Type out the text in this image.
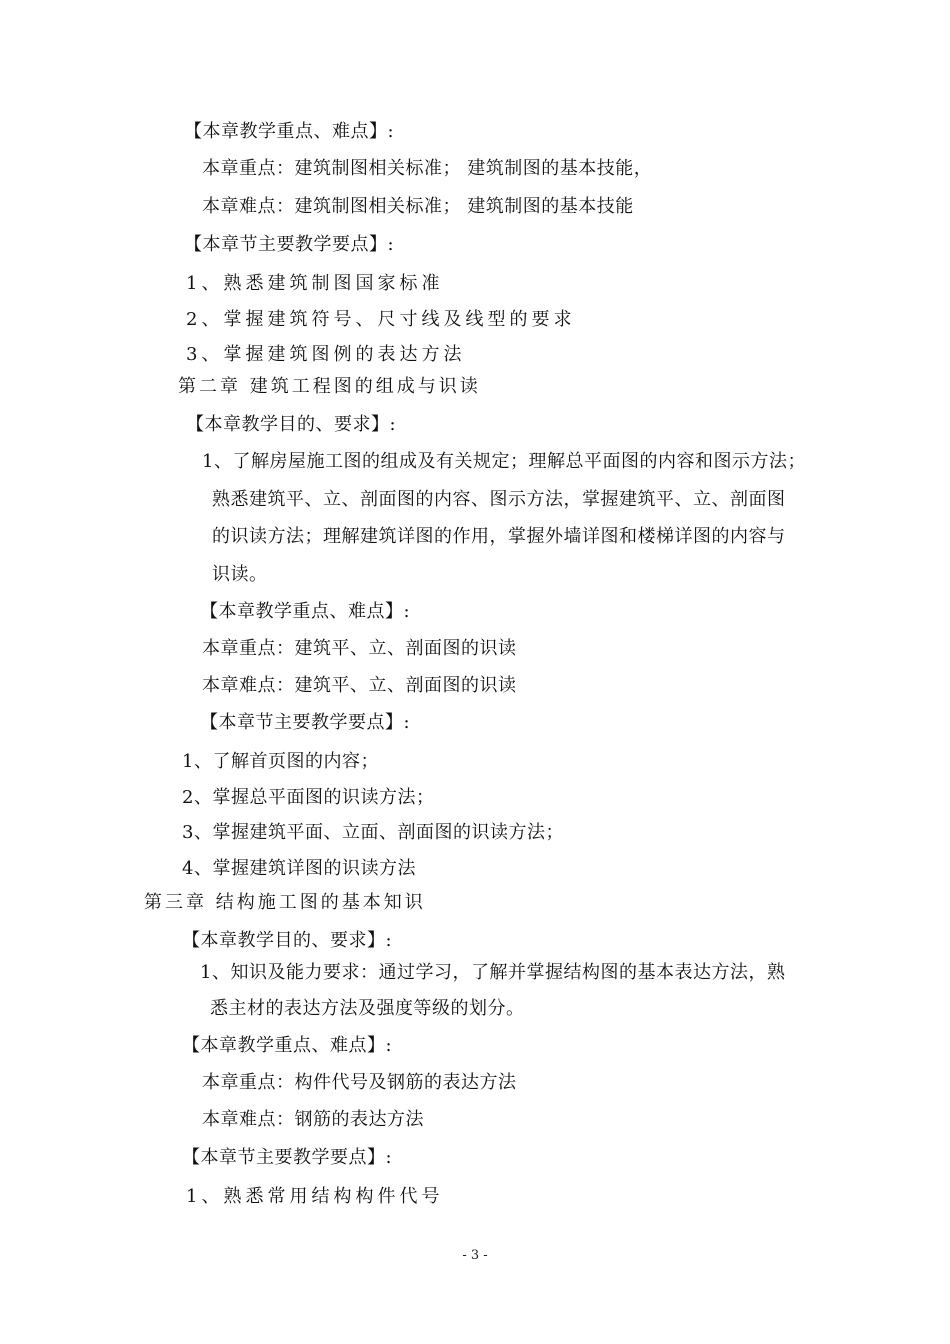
【本章教学重点、难点】:
本章重点：建筑制图相关标准； 建筑制图的基本技能，
本章难点：建筑制图相关标准； 建筑制图的基本技能
【本章节主要教学要点】:
1、熟悉建筑制图国家标准
2、掌握建筑符号、尺寸线及线型的要求
3、掌握建筑图例的表达方法
第二章 建筑工程图的组成与识读
【本章教学目的、要求】:
1、了解房屋施工图的组成及有关规定；理解总平面图的内容和图示方法；
熟悉建筑平、立、剖面图的内容、图示方法，掌握建筑平、立、剖面图
的识读方法；理解建筑详图的作用，掌握外墙详图和楼梯详图的内容与
识读。
【本章教学重点、难点】:
本章重点：建筑平、立、剖面图的识读
本章难点：建筑平、立、剖面图的识读
【本章节主要教学要点】:
1、了解首页图的内容；
2、掌握总平面图的识读方法；
3、掌握建筑平面、立面、剖面图的识读方法；
4、掌握建筑详图的识读方法
第三章 结构施工图的基本知识
【本章教学目的、要求】:
1、知识及能力要求：通过学习，了解并掌握结构图的基本表达方法，熟
悉主材的表达方法及强度等级的划分。
【本章教学重点、难点】:
本章重点：构件代号及钢筋的表达方法
本章难点：钢筋的表达方法
【本章节主要教学要点】:
1、熟悉常用结构构件代号
- 3 -
